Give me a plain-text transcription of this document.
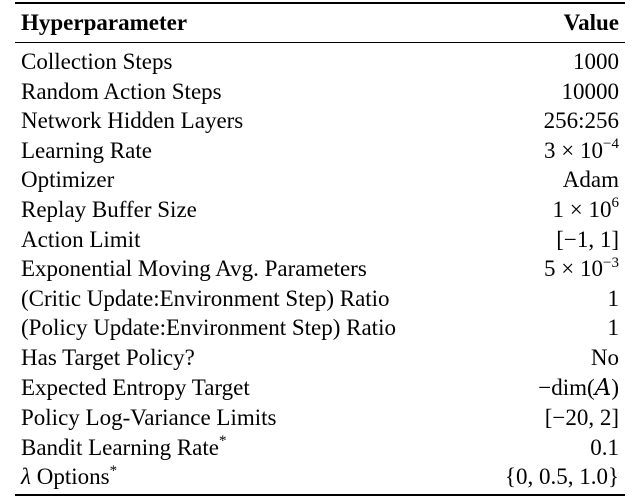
Hyperparameter	Value
Collection Steps	1000
Random Action Steps	10000
Network Hidden Layers	256:256
Learning Rate	$3 \times 10^{-4}$
Optimizer	Adam
Replay Buffer Size	$1 \times 10^6$
Action Limit	[−1, 1]
Exponential Moving Avg. Parameters	$5 \times 10^{-3}$
(Critic Update:Environment Step) Ratio	1
(Policy Update:Environment Step) Ratio	1
Has Target Policy?	No
Expected Entropy Target	−dim(A)
Policy Log-Variance Limits	[−20, 2]
Bandit Learning Rate*	0.1
λ Options*	{0, 0.5, 1.0}
